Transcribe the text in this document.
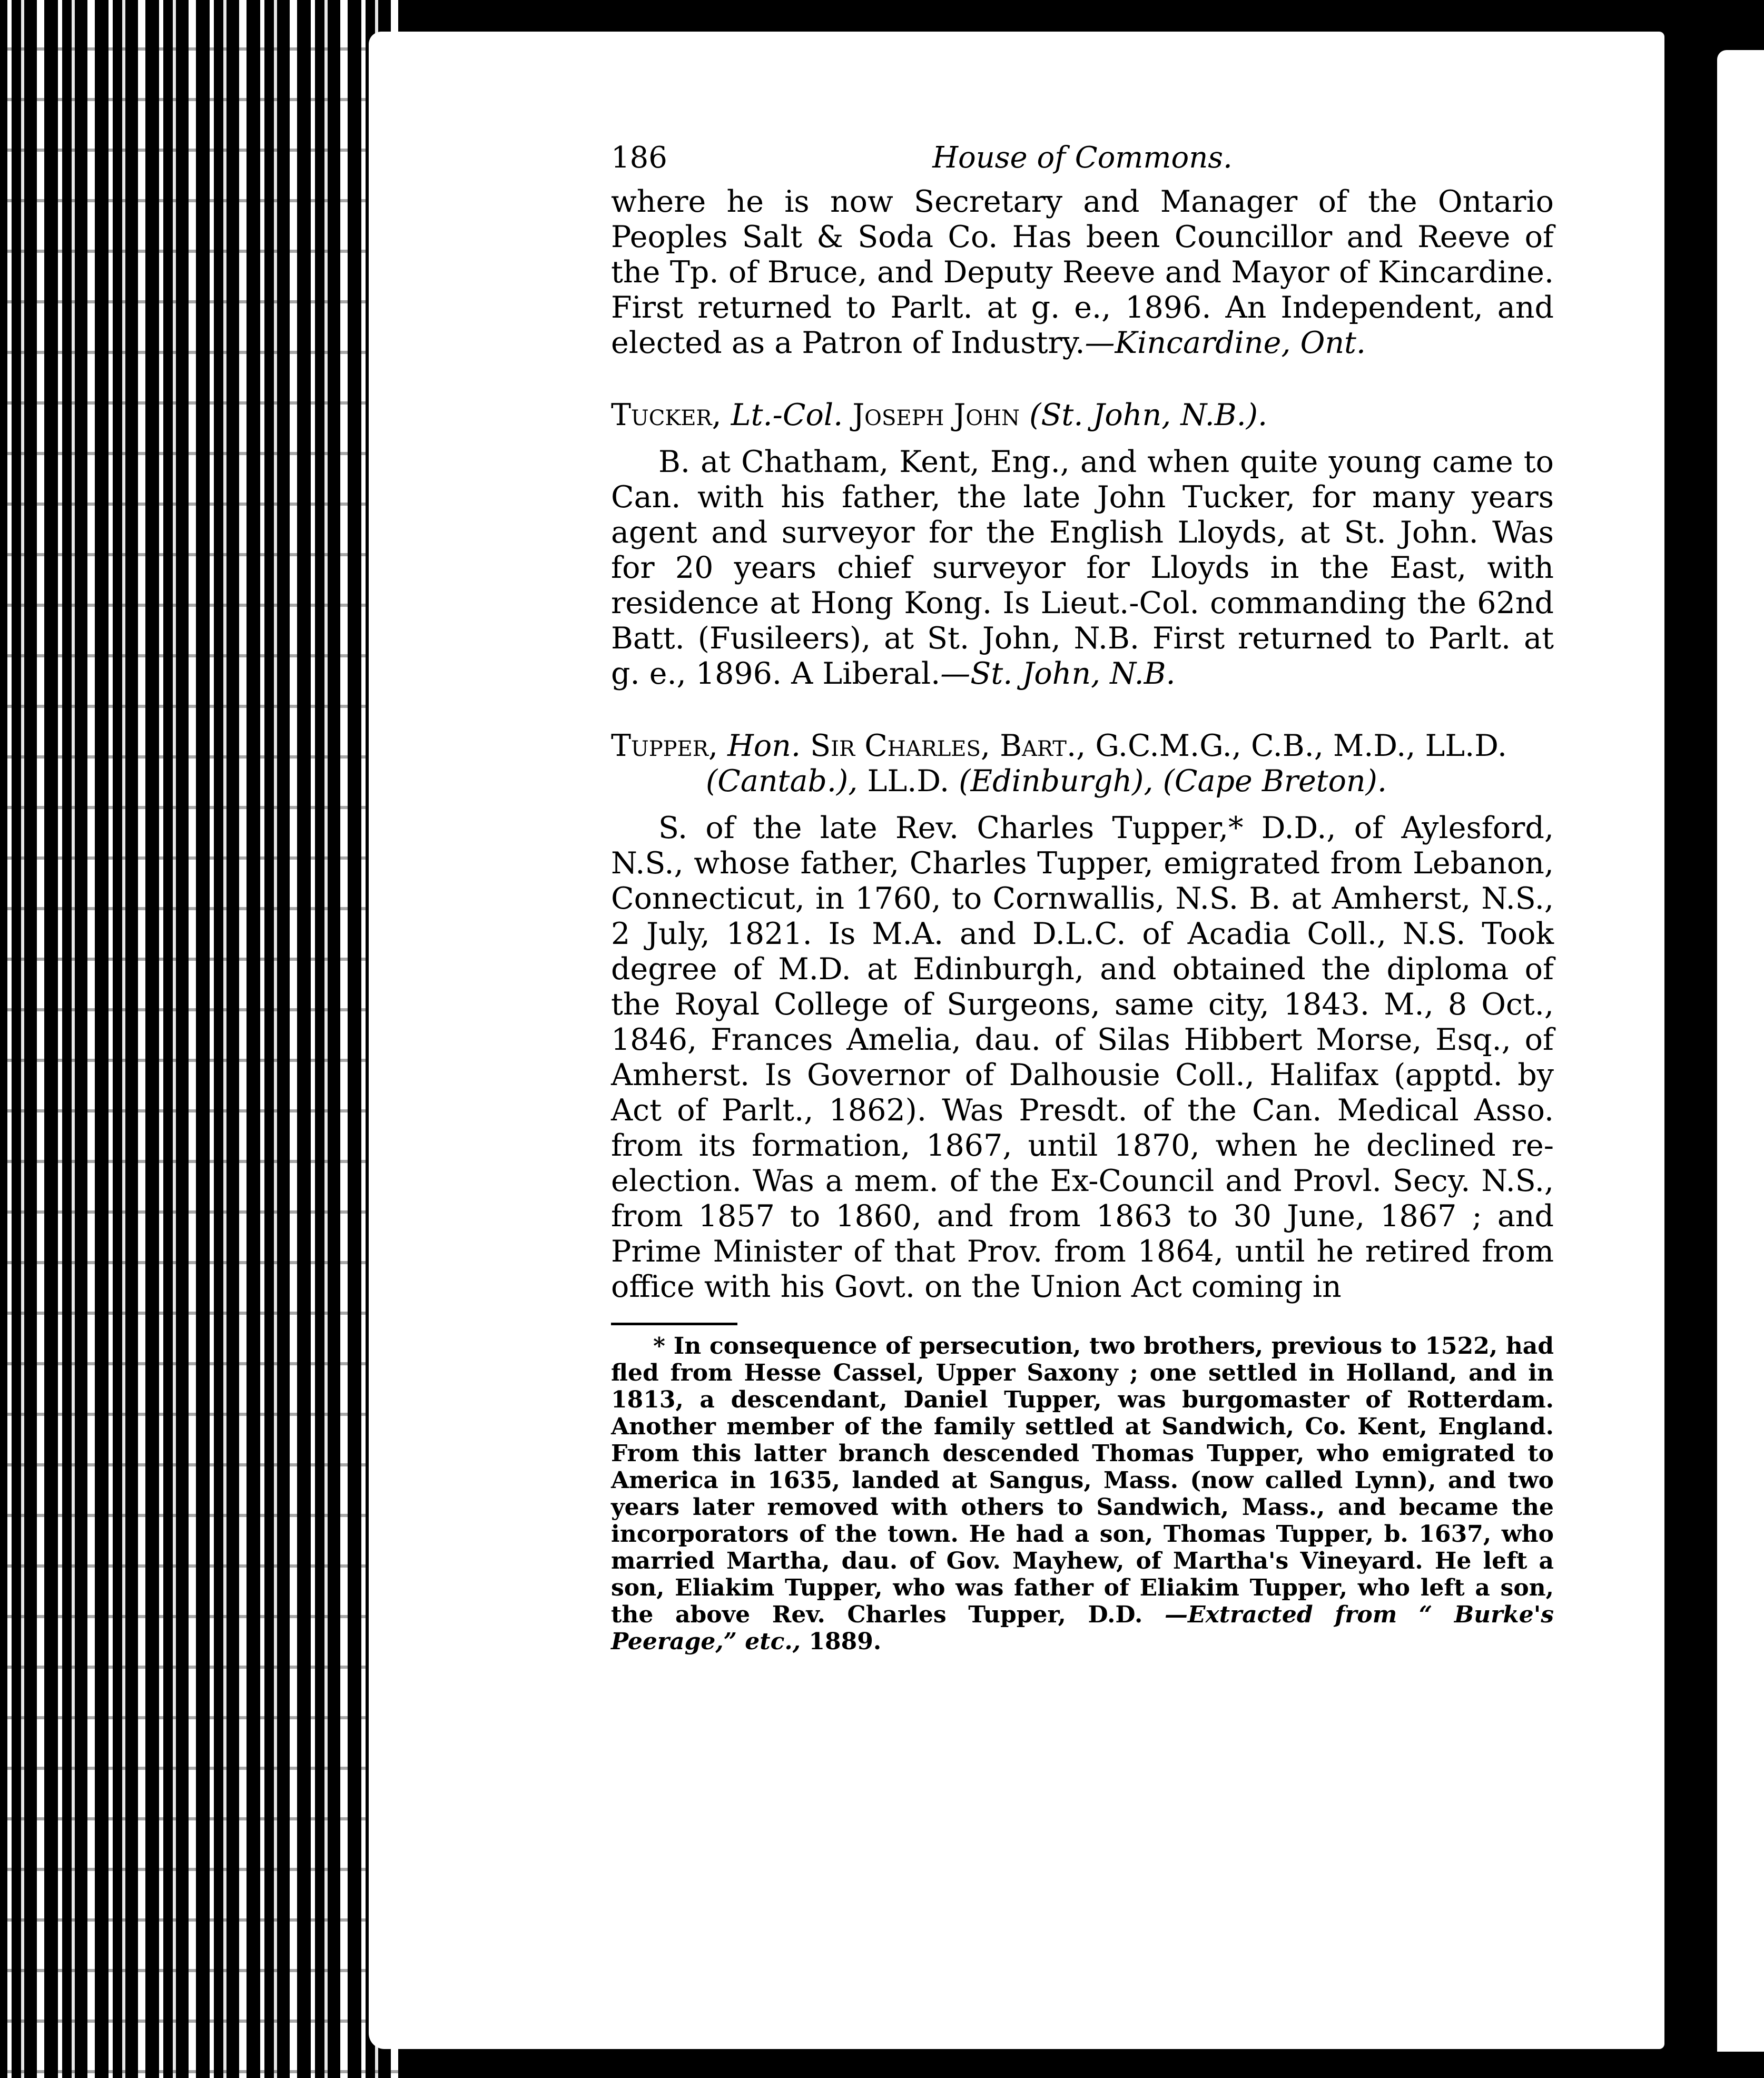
186	House of Commons.

where he is now Secretary and Manager of the Ontario Peoples Salt & Soda Co. Has been Councillor and Reeve of the Tp. of Bruce, and Deputy Reeve and Mayor of Kincardine. First returned to Parlt. at g. e., 1896. An Independent, and elected as a Patron of Industry.—Kincardine, Ont.

Tucker, Lt.-Col. Joseph John (St. John, N.B.).

B. at Chatham, Kent, Eng., and when quite young came to Can. with his father, the late John Tucker, for many years agent and surveyor for the English Lloyds, at St. John. Was for 20 years chief surveyor for Lloyds in the East, with residence at Hong Kong. Is Lieut.-Col. commanding the 62nd Batt. (Fusileers), at St. John, N.B. First returned to Parlt. at g. e., 1896. A Liberal.—St. John, N.B.

Tupper, Hon. Sir Charles, Bart., G.C.M.G., C.B., M.D., LL.D. (Cantab.), LL.D. (Edinburgh), (Cape Breton).

S. of the late Rev. Charles Tupper,* D.D., of Aylesford, N.S., whose father, Charles Tupper, emigrated from Lebanon, Connecticut, in 1760, to Cornwallis, N.S. B. at Amherst, N.S., 2 July, 1821. Is M.A. and D.L.C. of Acadia Coll., N.S. Took degree of M.D. at Edinburgh, and obtained the diploma of the Royal College of Surgeons, same city, 1843. M., 8 Oct., 1846, Frances Amelia, dau. of Silas Hibbert Morse, Esq., of Amherst. Is Governor of Dalhousie Coll., Halifax (apptd. by Act of Parlt., 1862). Was Presdt. of the Can. Medical Asso. from its formation, 1867, until 1870, when he declined re-election. Was a mem. of the Ex-Council and Provl. Secy. N.S., from 1857 to 1860, and from 1863 to 30 June, 1867 ; and Prime Minister of that Prov. from 1864, until he retired from office with his Govt. on the Union Act coming in

* In consequence of persecution, two brothers, previous to 1522, had fled from Hesse Cassel, Upper Saxony ; one settled in Holland, and in 1813, a descendant, Daniel Tupper, was burgomaster of Rotterdam. Another member of the family settled at Sandwich, Co. Kent, England. From this latter branch descended Thomas Tupper, who emigrated to America in 1635, landed at Sangus, Mass. (now called Lynn), and two years later removed with others to Sandwich, Mass., and became the incorporators of the town. He had a son, Thomas Tupper, b. 1637, who married Martha, dau. of Gov. Mayhew, of Martha's Vineyard. He left a son, Eliakim Tupper, who was father of Eliakim Tupper, who left a son, the above Rev. Charles Tupper, D.D. —Extracted from “ Burke's Peerage,” etc., 1889.
